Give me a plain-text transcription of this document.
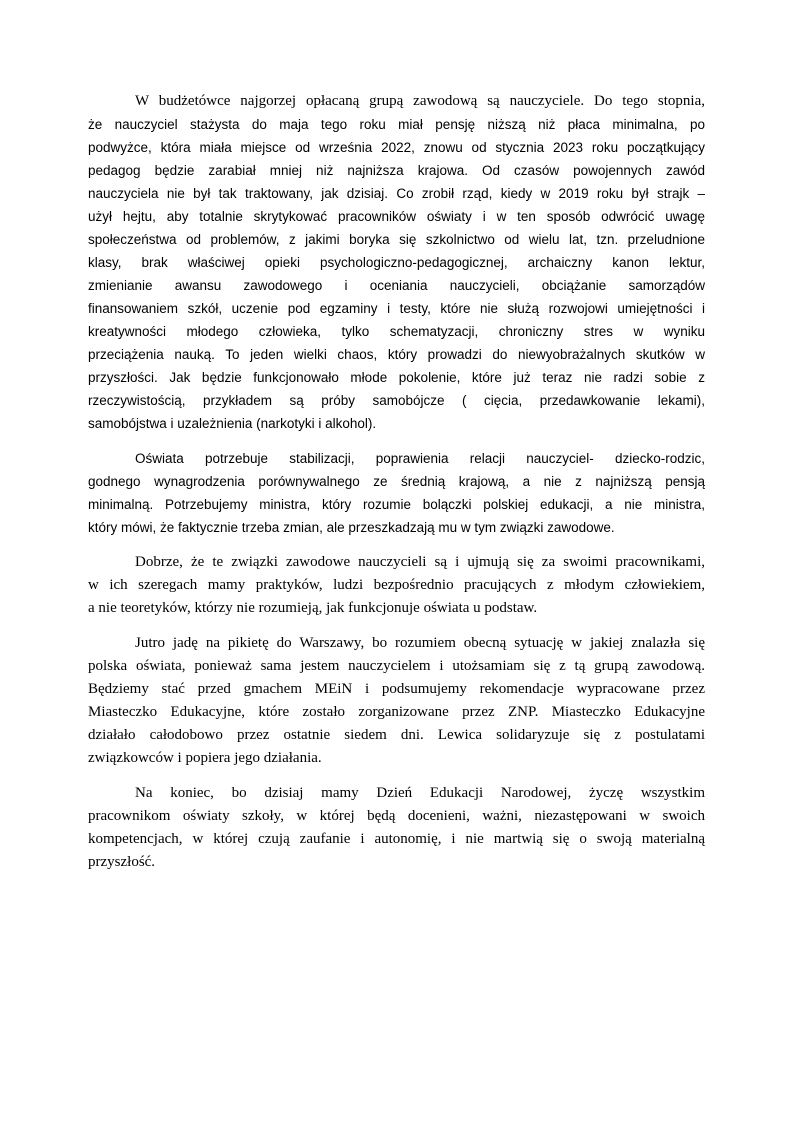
W budżetówce najgorzej opłacaną grupą zawodową są nauczyciele. Do tego stopnia,
że nauczyciel stażysta do maja tego roku miał pensję niższą niż płaca minimalna, po
podwyżce, która miała miejsce od września 2022, znowu od stycznia 2023 roku początkujący
pedagog będzie zarabiał mniej niż najniższa krajowa. Od czasów powojennych zawód
nauczyciela nie był tak traktowany, jak dzisiaj. Co zrobił rząd, kiedy w 2019 roku był strajk –
użył hejtu, aby totalnie skrytykować pracowników oświaty i w ten sposób odwrócić uwagę
społeczeństwa od problemów, z jakimi boryka się szkolnictwo od wielu lat, tzn. przeludnione
klasy, brak właściwej opieki psychologiczno-pedagogicznej, archaiczny kanon lektur,
zmienianie awansu zawodowego i oceniania nauczycieli, obciążanie samorządów
finansowaniem szkół, uczenie pod egzaminy i testy, które nie służą rozwojowi umiejętności i
kreatywności młodego człowieka, tylko schematyzacji, chroniczny stres w wyniku
przeciążenia nauką. To jeden wielki chaos, który prowadzi do niewyobrażalnych skutków w
przyszłości. Jak będzie funkcjonowało młode pokolenie, które już teraz nie radzi sobie z
rzeczywistością, przykładem są próby samobójcze ( cięcia, przedawkowanie lekami),
samobójstwa i uzależnienia (narkotyki i alkohol).
Oświata potrzebuje stabilizacji, poprawienia relacji nauczyciel- dziecko-rodzic,
godnego wynagrodzenia porównywalnego ze średnią krajową, a nie z najniższą pensją
minimalną. Potrzebujemy ministra, który rozumie bolączki polskiej edukacji, a nie ministra,
który mówi, że faktycznie trzeba zmian, ale przeszkadzają mu w tym związki zawodowe.
Dobrze, że te związki zawodowe nauczycieli są i ujmują się za swoimi pracownikami,
w ich szeregach mamy praktyków, ludzi bezpośrednio pracujących z młodym człowiekiem,
a nie teoretyków, którzy nie rozumieją, jak funkcjonuje oświata u podstaw.
Jutro jadę na pikietę do Warszawy, bo rozumiem obecną sytuację w jakiej znalazła się
polska oświata, ponieważ sama jestem nauczycielem i utożsamiam się z tą grupą zawodową.
Będziemy stać przed gmachem MEiN i podsumujemy rekomendacje wypracowane przez
Miasteczko Edukacyjne, które zostało zorganizowane przez ZNP. Miasteczko Edukacyjne
działało całodobowo przez ostatnie siedem dni. Lewica solidaryzuje się z postulatami
związkowców i popiera jego działania.
Na koniec, bo dzisiaj mamy Dzień Edukacji Narodowej, życzę wszystkim
pracownikom oświaty szkoły, w której będą docenieni, ważni, niezastępowani w swoich
kompetencjach, w której czują zaufanie i autonomię, i nie martwią się o swoją materialną
przyszłość.
